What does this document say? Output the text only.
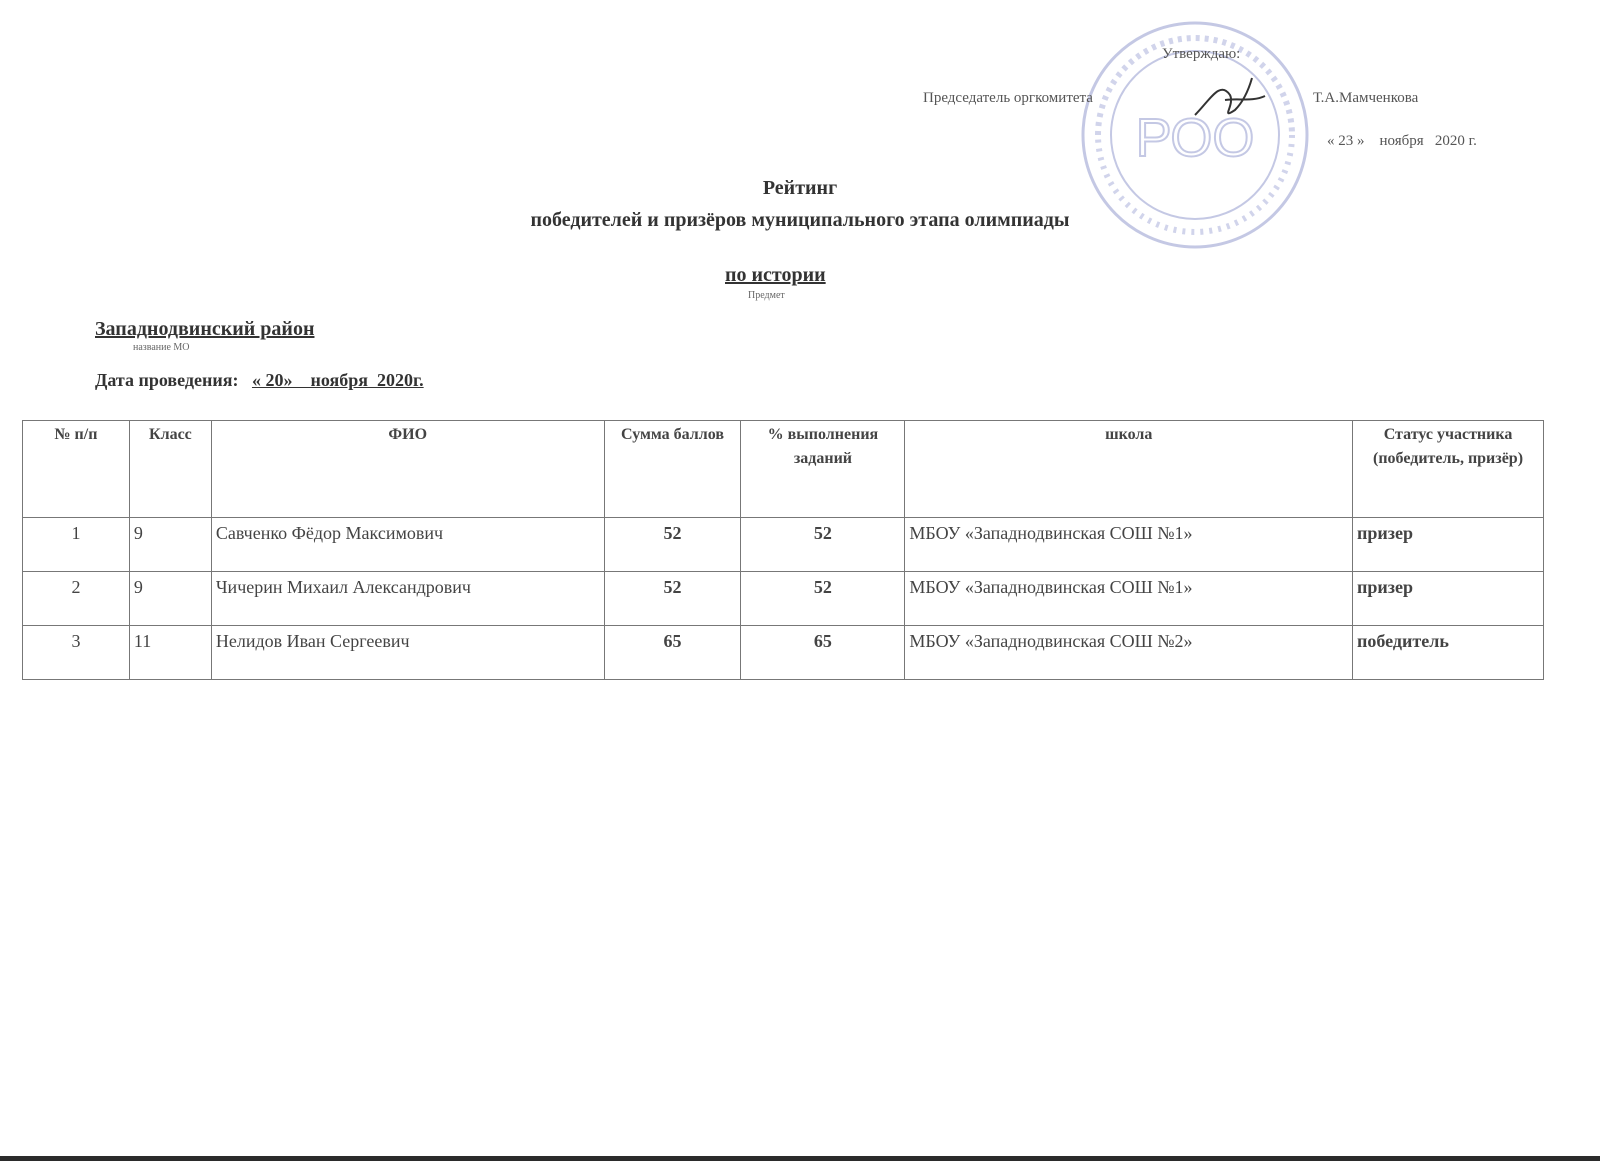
РОО
Утверждаю:
Председатель оргкомитета	Т.А.Мамченкова
« 23 »    ноября   2020 г.
Рейтинг
победителей и призёров муниципального этапа олимпиады
по истории
Предмет
Западнодвинский район
название МО
Дата проведения: « 20»    ноября  2020г.
№ п/п	Класс	ФИО	Сумма баллов	% выполнения заданий	школа	Статус участника (победитель, призёр)
1	9	Савченко Фёдор Максимович	52	52	МБОУ «Западнодвинская СОШ №1»	призер
2	9	Чичерин Михаил Александрович	52	52	МБОУ «Западнодвинская СОШ №1»	призер
3	11	Нелидов Иван Сергеевич	65	65	МБОУ «Западнодвинская СОШ №2»	победитель
